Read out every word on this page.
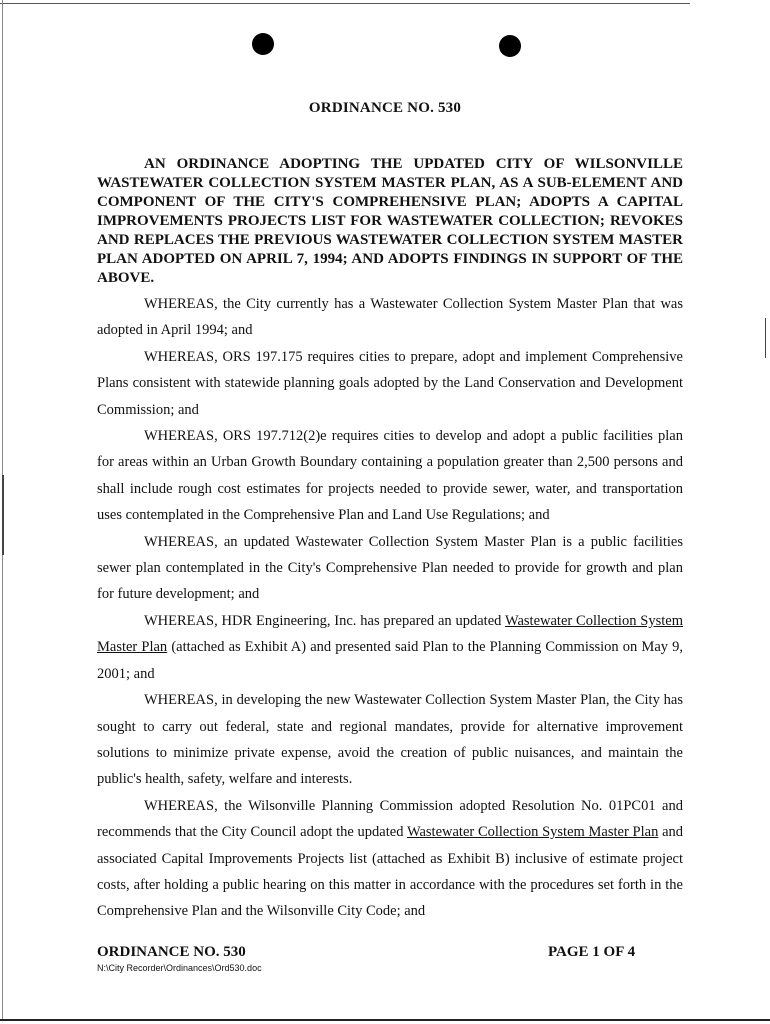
ORDINANCE NO. 530
AN ORDINANCE ADOPTING THE UPDATED CITY OF WILSONVILLE WASTEWATER COLLECTION SYSTEM MASTER PLAN, AS A SUB-ELEMENT AND COMPONENT OF THE CITY'S COMPREHENSIVE PLAN; ADOPTS A CAPITAL IMPROVEMENTS PROJECTS LIST FOR WASTEWATER COLLECTION; REVOKES AND REPLACES THE PREVIOUS WASTEWATER COLLECTION SYSTEM MASTER PLAN ADOPTED ON APRIL 7, 1994; AND ADOPTS FINDINGS IN SUPPORT OF THE ABOVE.

WHEREAS, the City currently has a Wastewater Collection System Master Plan that was adopted in April 1994; and

WHEREAS, ORS 197.175 requires cities to prepare, adopt and implement Comprehensive Plans consistent with statewide planning goals adopted by the Land Conservation and Development Commission; and

WHEREAS, ORS 197.712(2)e requires cities to develop and adopt a public facilities plan for areas within an Urban Growth Boundary containing a population greater than 2,500 persons and shall include rough cost estimates for projects needed to provide sewer, water, and transportation uses contemplated in the Comprehensive Plan and Land Use Regulations; and

WHEREAS, an updated Wastewater Collection System Master Plan is a public facilities sewer plan contemplated in the City's Comprehensive Plan needed to provide for growth and plan for future development; and

WHEREAS, HDR Engineering, Inc. has prepared an updated Wastewater Collection System Master Plan (attached as Exhibit A) and presented said Plan to the Planning Commission on May 9, 2001; and

WHEREAS, in developing the new Wastewater Collection System Master Plan, the City has sought to carry out federal, state and regional mandates, provide for alternative improvement solutions to minimize private expense, avoid the creation of public nuisances, and maintain the public's health, safety, welfare and interests.

WHEREAS, the Wilsonville Planning Commission adopted Resolution No. 01PC01 and recommends that the City Council adopt the updated Wastewater Collection System Master Plan and associated Capital Improvements Projects list (attached as Exhibit B) inclusive of estimate project costs, after holding a public hearing on this matter in accordance with the procedures set forth in the Comprehensive Plan and the Wilsonville City Code; and

ORDINANCE NO. 530
N:\City Recorder\Ordinances\Ord530.doc
PAGE 1 OF 4
